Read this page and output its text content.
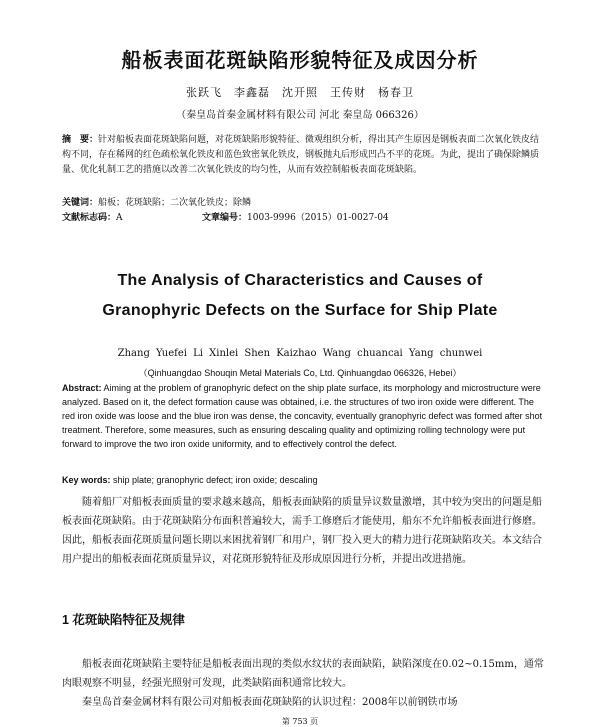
船板表面花斑缺陷形貌特征及成因分析
张跃飞　李鑫磊　沈开照　王传财　杨春卫
（秦皇岛首秦金属材料有限公司 河北 秦皇岛 066326）
摘　要：针对船板表面花斑缺陷问题，对花斑缺陷形貌特征、微观组织分析，得出其产生原因是钢板表面二次氧化铁皮结构不同，存在稀网的红色疏松氧化铁皮和蓝色致密氧化铁皮，钢板抛丸后形成凹凸不平的花斑。为此，提出了确保除鳞质量、优化轧制工艺的措施以改善二次氧化铁皮的均匀性，从而有效控制船板表面花斑缺陷。
关键词：船板；花斑缺陷；二次氧化铁皮；除鳞
文献标志码：A	文章编号：1003-9996（2015）01-0027-04
The Analysis of Characteristics and Causes of
Granophyric Defects on the Surface for Ship Plate
Zhang Yuefei Li Xinlei Shen Kaizhao Wang chuancai Yang chunwei
（Qinhuangdao Shouqin Metal Materials Co, Ltd. Qinhuangdao 066326, Hebei）
Abstract: Aiming at the problem of granophyric defect on the ship plate surface, its morphology and microstructure were analyzed. Based on it, the defect formation cause was obtained, i.e. the structures of two iron oxide were different. The red iron oxide was loose and the blue iron was dense, the concavity, eventually granophyric defect was formed after shot treatment. Therefore, some measures, such as ensuring descaling quality and optimizing rolling technology were put forward to improve the two iron oxide uniformity, and to effectively control the defect.
Key words: ship plate; granophyric defect; iron oxide; descaling

随着船厂对船板表面质量的要求越来越高，船板表面缺陷的质量异议数量激增，其中较为突出的问题是船板表面花斑缺陷。由于花斑缺陷分布面积普遍较大，需手工修磨后才能使用，船东不允许船板表面进行修磨。因此，船板表面花斑质量问题长期以来困扰着钢厂和用户，钢厂投入更大的精力进行花斑缺陷攻关。本文结合用户提出的船板表面花斑质量异议，对花斑形貌特征及形成原因进行分析，并提出改进措施。

1 花斑缺陷特征及规律

船板表面花斑缺陷主要特征是船板表面出现的类似水纹状的表面缺陷，缺陷深度在0.02~0.15mm，通常肉眼观察不明显，经强光照射可发现，此类缺陷面积通常比较大。

秦皇岛首秦金属材料有限公司对船板表面花斑缺陷的认识过程：2008年以前钢铁市场

第 753 页
